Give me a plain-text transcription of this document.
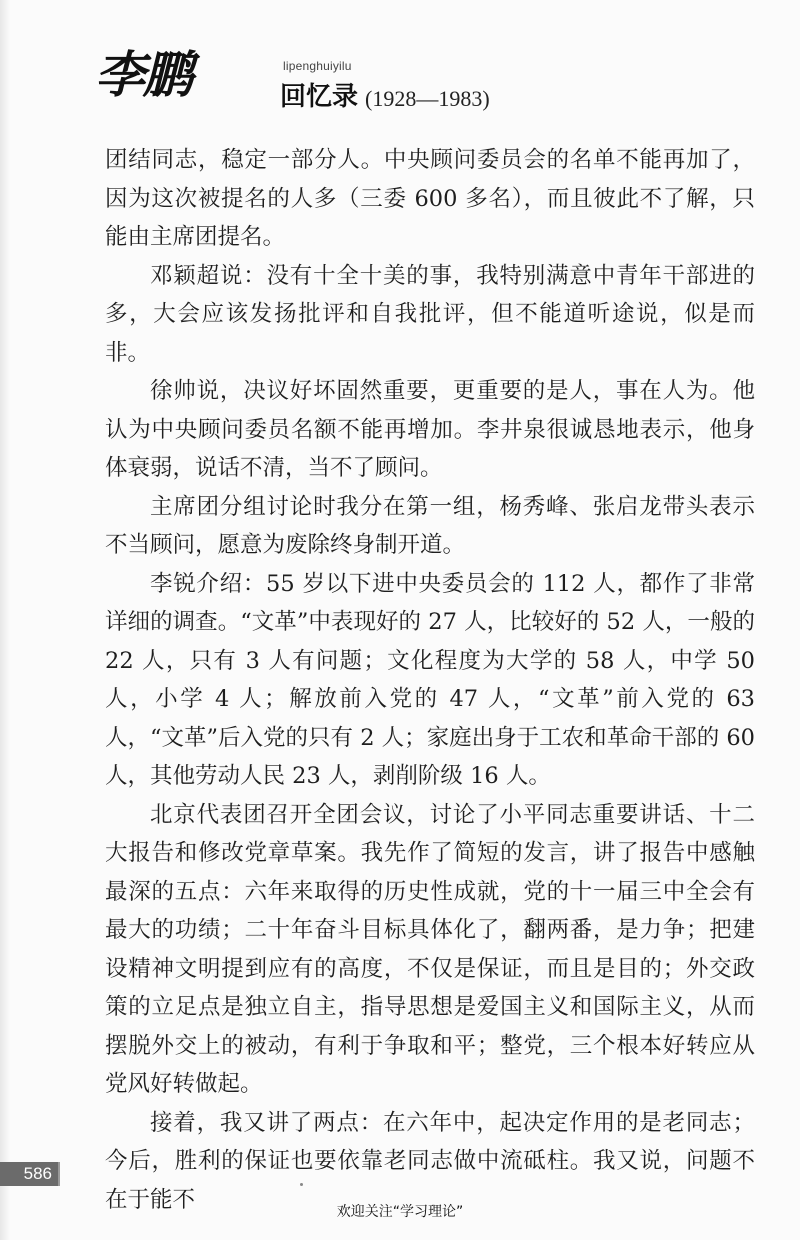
李鹏	lipenghuiyilu
回忆录 (1928—1983)

团结同志，稳定一部分人。中央顾问委员会的名单不能再加了，因为这次被提名的人多（三委 600 多名），而且彼此不了解，只能由主席团提名。

邓颖超说：没有十全十美的事，我特别满意中青年干部进的多，大会应该发扬批评和自我批评，但不能道听途说，似是而非。

徐帅说，决议好坏固然重要，更重要的是人，事在人为。他认为中央顾问委员名额不能再增加。李井泉很诚恳地表示，他身体衰弱，说话不清，当不了顾问。

主席团分组讨论时我分在第一组，杨秀峰、张启龙带头表示不当顾问，愿意为废除终身制开道。

李锐介绍：55 岁以下进中央委员会的 112 人，都作了非常详细的调查。“文革”中表现好的 27 人，比较好的 52 人，一般的 22 人，只有 3 人有问题；文化程度为大学的 58 人，中学 50 人，小学 4 人；解放前入党的 47 人，“文革”前入党的 63 人，“文革”后入党的只有 2 人；家庭出身于工农和革命干部的 60 人，其他劳动人民 23 人，剥削阶级 16 人。

北京代表团召开全团会议，讨论了小平同志重要讲话、十二大报告和修改党章草案。我先作了简短的发言，讲了报告中感触最深的五点：六年来取得的历史性成就，党的十一届三中全会有最大的功绩；二十年奋斗目标具体化了，翻两番，是力争；把建设精神文明提到应有的高度，不仅是保证，而且是目的；外交政策的立足点是独立自主，指导思想是爱国主义和国际主义，从而摆脱外交上的被动，有利于争取和平；整党，三个根本好转应从党风好转做起。

接着，我又讲了两点：在六年中，起决定作用的是老同志；今后，胜利的保证也要依靠老同志做中流砥柱。我又说，问题不在于能不

586
欢迎关注“学习理论”
